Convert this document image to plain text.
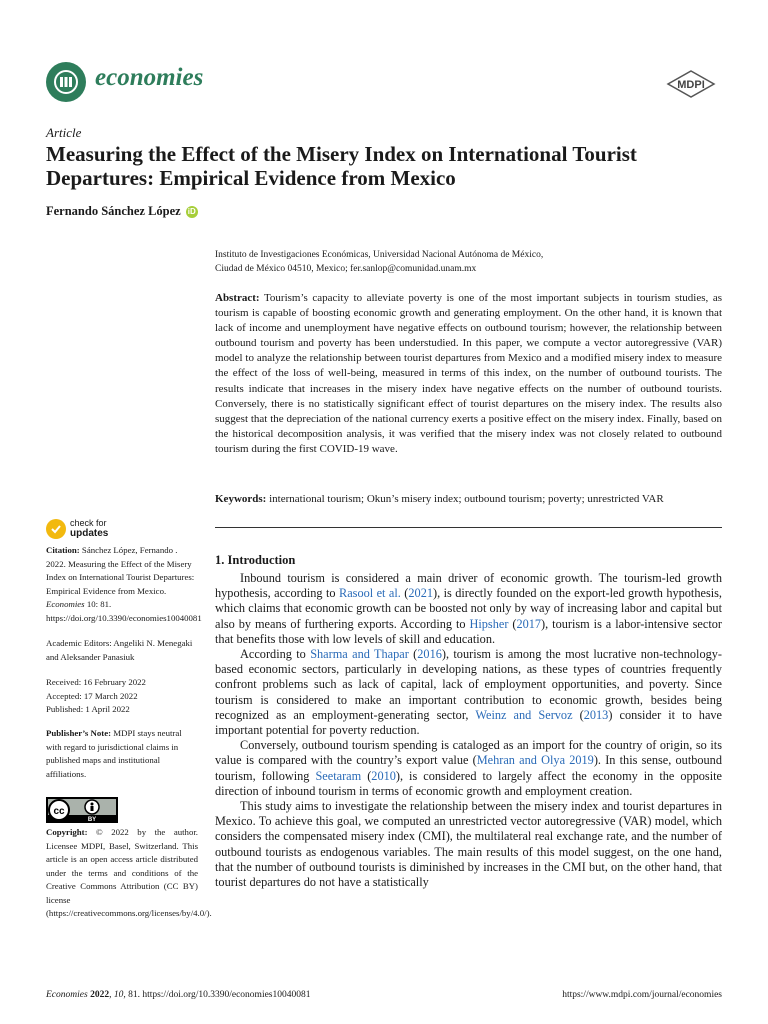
economies	MDPI
Article
Measuring the Effect of the Misery Index on International Tourist Departures: Empirical Evidence from Mexico
Fernando Sánchez López iD
Instituto de Investigaciones Económicas, Universidad Nacional Autónoma de México,
Ciudad de México 04510, Mexico; fer.sanlop@comunidad.unam.mx
Abstract: Tourism’s capacity to alleviate poverty is one of the most important subjects in tourism studies, as tourism is capable of boosting economic growth and generating employment. On the other hand, it is known that lack of income and unemployment have negative effects on outbound tourism; however, the relationship between outbound tourism and poverty has been understudied. In this paper, we compute a vector autoregressive (VAR) model to analyze the relationship between tourist departures from Mexico and a modified misery index to measure the effect of the loss of well-being, measured in terms of this index, on the number of outbound tourists. The results indicate that increases in the misery index have negative effects on the number of outbound tourists. Conversely, there is no statistically significant effect of tourist departures on the misery index. The results also suggest that the depreciation of the national currency exerts a positive effect on the misery index. Finally, based on the historical decomposition analysis, it was verified that the misery index was not closely related to outbound tourism during the first COVID-19 wave.
Keywords: international tourism; Okun’s misery index; outbound tourism; poverty; unrestricted VAR
check for
updates
Citation: Sánchez López, Fernando . 2022. Measuring the Effect of the Misery Index on International Tourist Departures: Empirical Evidence from Mexico. Economies 10: 81. https://doi.org/10.3390/economies10040081
Academic Editors: Angeliki N. Menegaki and Aleksander Panasiuk
Received: 16 February 2022
Accepted: 17 March 2022
Published: 1 April 2022
Publisher’s Note: MDPI stays neutral with regard to jurisdictional claims in published maps and institutional affiliations.
cc
BY
Copyright: © 2022 by the author. Licensee MDPI, Basel, Switzerland. This article is an open access article distributed under the terms and conditions of the Creative Commons Attribution (CC BY) license (https://creativecommons.org/licenses/by/4.0/).
1. Introduction

Inbound tourism is considered a main driver of economic growth. The tourism-led growth hypothesis, according to Rasool et al. (2021), is directly founded on the export-led growth hypothesis, which claims that economic growth can be boosted not only by way of increasing labor and capital but also by means of furthering exports. According to Hipsher (2017), tourism is a labor-intensive sector that benefits those with low levels of skill and education.

According to Sharma and Thapar (2016), tourism is among the most lucrative non-technology-based economic sectors, particularly in developing nations, as these types of countries frequently confront problems such as lack of capital, lack of employment opportunities, and poverty. Since tourism is considered to make an important contribution to economic growth, besides being recognized as an employment-generating sector, Weinz and Servoz (2013) consider it to have important potential for poverty reduction.

Conversely, outbound tourism spending is cataloged as an import for the country of origin, so its value is compared with the country’s export value (Mehran and Olya 2019). In this sense, outbound tourism, following Seetaram (2010), is considered to largely affect the economy in the opposite direction of inbound tourism in terms of economic growth and employment creation.

This study aims to investigate the relationship between the misery index and tourist departures in Mexico. To achieve this goal, we computed an unrestricted vector autoregressive (VAR) model, which considers the compensated misery index (CMI), the multilateral real exchange rate, and the number of outbound tourists as endogenous variables. The main results of this model suggest, on the one hand, that the number of outbound tourists is diminished by increases in the CMI but, on the other hand, that tourist departures do not have a statistically

Economies 2022, 10, 81. https://doi.org/10.3390/economies10040081	https://www.mdpi.com/journal/economies
